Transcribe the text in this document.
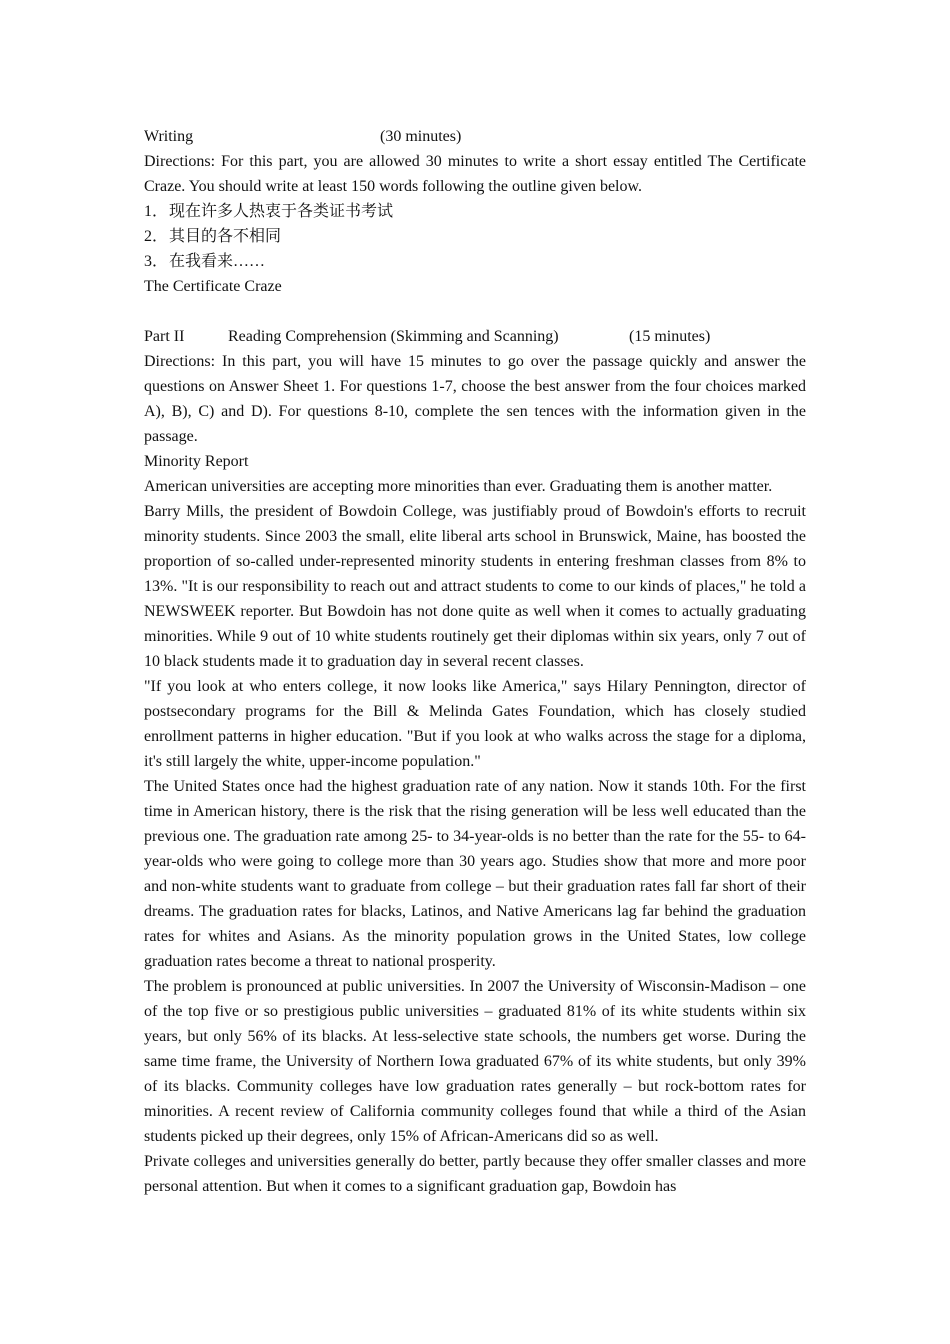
Writing	(30 minutes)

Directions: For this part, you are allowed 30 minutes to write a short essay entitled The Certificate Craze. You should write at least 150 words following the outline given below.

1．现在许多人热衷于各类证书考试

2．其目的各不相同

3．在我看来……

The Certificate Craze

Part II	Reading Comprehension (Skimming and Scanning)	(15 minutes)

Directions: In this part, you will have 15 minutes to go over the passage quickly and answer the questions on Answer Sheet 1. For questions 1-7, choose the best answer from the four choices marked A), B), C) and D). For questions 8-10, complete the sen tences with the information given in the passage.

Minority Report

American universities are accepting more minorities than ever. Graduating them is another matter.

Barry Mills, the president of Bowdoin College, was justifiably proud of Bowdoin's efforts to recruit minority students. Since 2003 the small, elite liberal arts school in Brunswick, Maine, has boosted the proportion of so-called under-represented minority students in entering freshman classes from 8% to 13%. "It is our responsibility to reach out and attract students to come to our kinds of places," he told a NEWSWEEK reporter. But Bowdoin has not done quite as well when it comes to actually graduating minorities. While 9 out of 10 white students routinely get their diplomas within six years, only 7 out of 10 black students made it to graduation day in several recent classes.

"If you look at who enters college, it now looks like America," says Hilary Pennington, director of postsecondary programs for the Bill & Melinda Gates Foundation, which has closely studied enrollment patterns in higher education. "But if you look at who walks across the stage for a diploma, it's still largely the white, upper-income population."

The United States once had the highest graduation rate of any nation. Now it stands 10th. For the first time in American history, there is the risk that the rising generation will be less well educated than the previous one. The graduation rate among 25- to 34-year-olds is no better than the rate for the 55- to 64-year-olds who were going to college more than 30 years ago. Studies show that more and more poor and non-white students want to graduate from college – but their graduation rates fall far short of their dreams. The graduation rates for blacks, Latinos, and Native Americans lag far behind the graduation rates for whites and Asians. As the minority population grows in the United States, low college graduation rates become a threat to national prosperity.

The problem is pronounced at public universities. In 2007 the University of Wisconsin-Madison – one of the top five or so prestigious public universities – graduated 81% of its white students within six years, but only 56% of its blacks. At less-selective state schools, the numbers get worse. During the same time frame, the University of Northern Iowa graduated 67% of its white students, but only 39% of its blacks. Community colleges have low graduation rates generally – but rock-bottom rates for minorities. A recent review of California community colleges found that while a third of the Asian students picked up their degrees, only 15% of African-Americans did so as well.

Private colleges and universities generally do better, partly because they offer smaller classes and more personal attention. But when it comes to a significant graduation gap, Bowdoin has
